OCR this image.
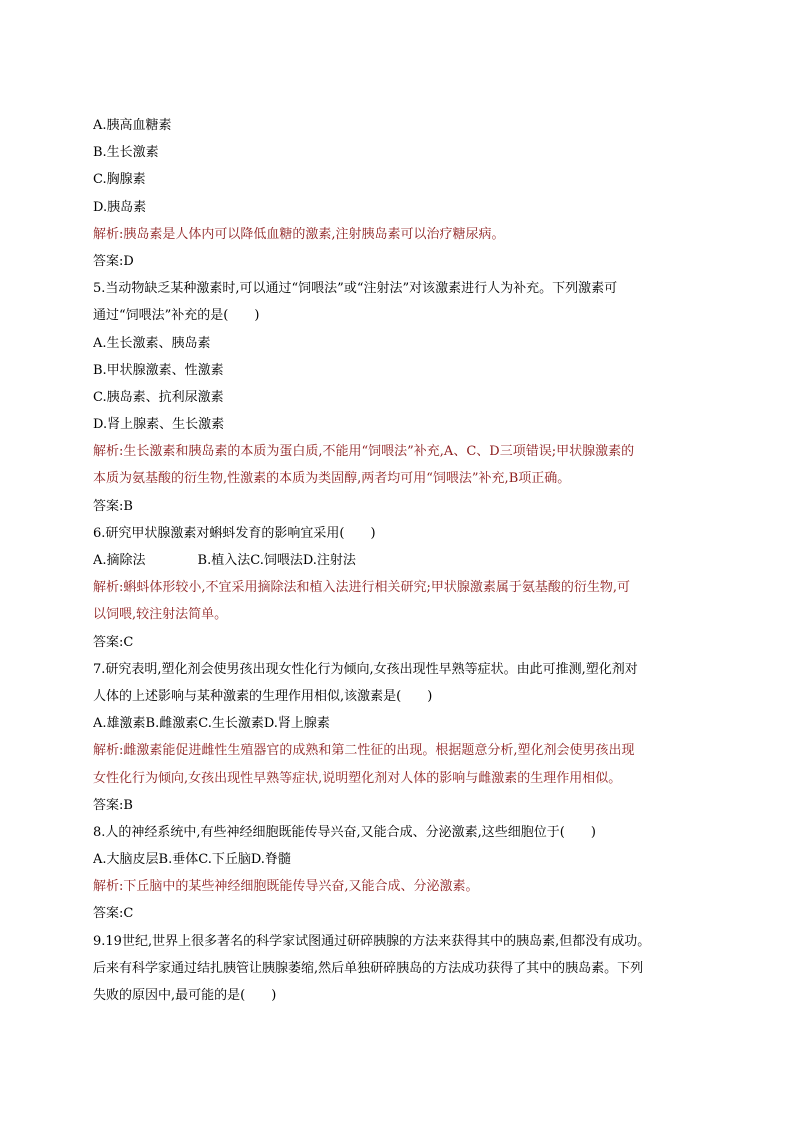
A.胰高血糖素
B.生长激素
C.胸腺素
D.胰岛素
解析:胰岛素是人体内可以降低血糖的激素,注射胰岛素可以治疗糖尿病。
答案:D
5.当动物缺乏某种激素时,可以通过“饲喂法”或“注射法”对该激素进行人为补充。下列激素可
通过“饲喂法”补充的是(　　)
A.生长激素、胰岛素
B.甲状腺激素、性激素
C.胰岛素、抗利尿激素
D.肾上腺素、生长激素
解析:生长激素和胰岛素的本质为蛋白质,不能用“饲喂法”补充,A、C、D三项错误;甲状腺激素的
本质为氨基酸的衍生物,性激素的本质为类固醇,两者均可用“饲喂法”补充,B项正确。
答案:B
6.研究甲状腺激素对蝌蚪发育的影响宜采用(　　)
A.摘除法	B.植入法C.饲喂法D.注射法
解析:蝌蚪体形较小,不宜采用摘除法和植入法进行相关研究;甲状腺激素属于氨基酸的衍生物,可
以饲喂,较注射法简单。
答案:C
7.研究表明,塑化剂会使男孩出现女性化行为倾向,女孩出现性早熟等症状。由此可推测,塑化剂对
人体的上述影响与某种激素的生理作用相似,该激素是(　　)
A.雄激素B.雌激素C.生长激素D.肾上腺素
解析:雌激素能促进雌性生殖器官的成熟和第二性征的出现。根据题意分析,塑化剂会使男孩出现
女性化行为倾向,女孩出现性早熟等症状,说明塑化剂对人体的影响与雌激素的生理作用相似。
答案:B
8.人的神经系统中,有些神经细胞既能传导兴奋,又能合成、分泌激素,这些细胞位于(　　)
A.大脑皮层B.垂体C.下丘脑D.脊髓
解析:下丘脑中的某些神经细胞既能传导兴奋,又能合成、分泌激素。
答案:C
9.19世纪,世界上很多著名的科学家试图通过研碎胰腺的方法来获得其中的胰岛素,但都没有成功。
后来有科学家通过结扎胰管让胰腺萎缩,然后单独研碎胰岛的方法成功获得了其中的胰岛素。下列
失败的原因中,最可能的是(　　)
